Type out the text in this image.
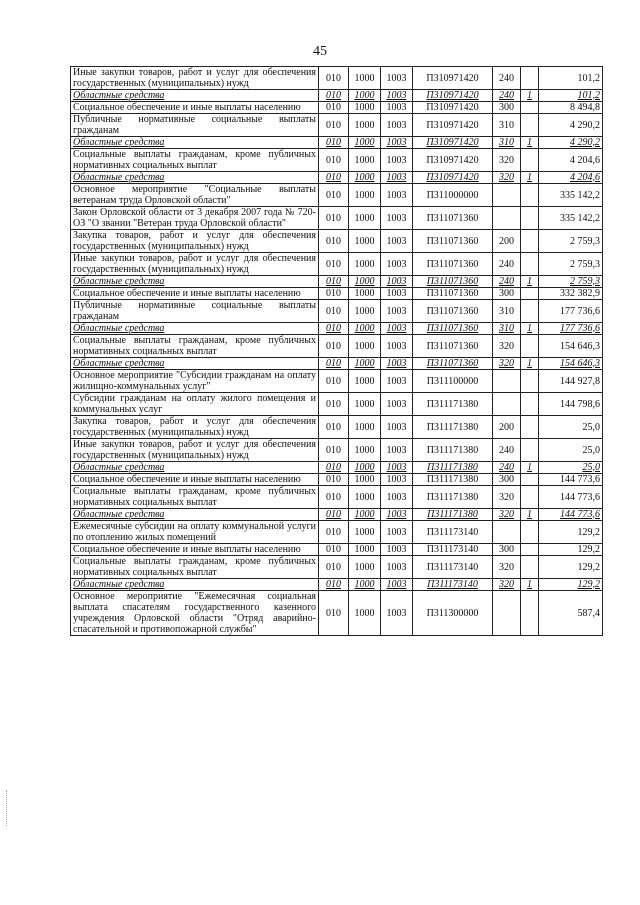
45
Иные закупки товаров, работ и услуг для обеспечения государственных (муниципальных) нужд	010	1000	1003	П310971420	240		101,2
Областные средства	010	1000	1003	П310971420	240	1	101,2
Социальное обеспечение и иные выплаты населению	010	1000	1003	П310971420	300		8 494,8
Публичные нормативные социальные выплаты гражданам	010	1000	1003	П310971420	310		4 290,2
Областные средства	010	1000	1003	П310971420	310	1	4 290,2
Социальные выплаты гражданам, кроме публичных нормативных социальных выплат	010	1000	1003	П310971420	320		4 204,6
Областные средства	010	1000	1003	П310971420	320	1	4 204,6
Основное мероприятие "Социальные выплаты ветеранам труда Орловской области"	010	1000	1003	П311000000			335 142,2
Закон Орловской области от 3 декабря 2007 года № 720-ОЗ "О звании "Ветеран труда Орловской области"	010	1000	1003	П311071360			335 142,2
Закупка товаров, работ и услуг для обеспечения государственных (муниципальных) нужд	010	1000	1003	П311071360	200		2 759,3
Иные закупки товаров, работ и услуг для обеспечения государственных (муниципальных) нужд	010	1000	1003	П311071360	240		2 759,3
Областные средства	010	1000	1003	П311071360	240	1	2 759,3
Социальное обеспечение и иные выплаты населению	010	1000	1003	П311071360	300		332 382,9
Публичные нормативные социальные выплаты гражданам	010	1000	1003	П311071360	310		177 736,6
Областные средства	010	1000	1003	П311071360	310	1	177 736,6
Социальные выплаты гражданам, кроме публичных нормативных социальных выплат	010	1000	1003	П311071360	320		154 646,3
Областные средства	010	1000	1003	П311071360	320	1	154 646,3
Основное мероприятие "Субсидии гражданам на оплату жилищно-коммунальных услуг"	010	1000	1003	П311100000			144 927,8
Субсидии гражданам на оплату жилого помещения и коммунальных услуг	010	1000	1003	П311171380			144 798,6
Закупка товаров, работ и услуг для обеспечения государственных (муниципальных) нужд	010	1000	1003	П311171380	200		25,0
Иные закупки товаров, работ и услуг для обеспечения государственных (муниципальных) нужд	010	1000	1003	П311171380	240		25,0
Областные средства	010	1000	1003	П311171380	240	1	25,0
Социальное обеспечение и иные выплаты населению	010	1000	1003	П311171380	300		144 773,6
Социальные выплаты гражданам, кроме публичных нормативных социальных выплат	010	1000	1003	П311171380	320		144 773,6
Областные средства	010	1000	1003	П311171380	320	1	144 773,6
Ежемесячные субсидии на оплату коммунальной услуги по отоплению жилых помещений	010	1000	1003	П311173140			129,2
Социальное обеспечение и иные выплаты населению	010	1000	1003	П311173140	300		129,2
Социальные выплаты гражданам, кроме публичных нормативных социальных выплат	010	1000	1003	П311173140	320		129,2
Областные средства	010	1000	1003	П311173140	320	1	129,2
Основное мероприятие "Ежемесячная социальная выплата спасателям государственного казенного учреждения Орловской области "Отряд аварийно-спасательной и противопожарной службы"	010	1000	1003	П311300000			587,4
